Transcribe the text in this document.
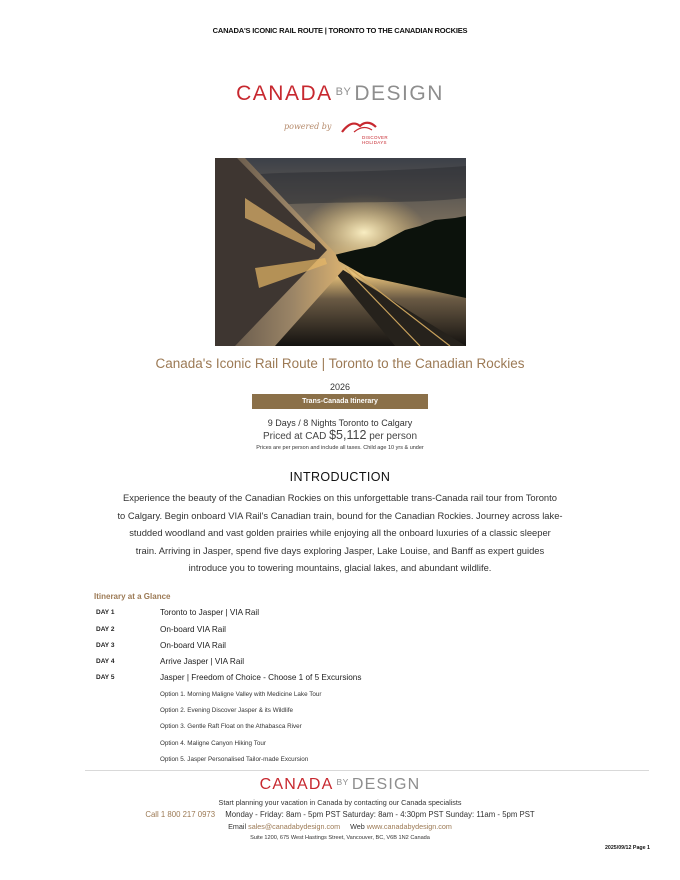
CANADA'S ICONIC RAIL ROUTE | TORONTO TO THE CANADIAN ROCKIES
CANADA $^{BY}$ DESIGN
powered by
DISCOVER HOLIDAYS
Canada's Iconic Rail Route | Toronto to the Canadian Rockies
2026
Trans-Canada Itinerary
9 Days / 8 Nights Toronto to Calgary
Priced at CAD $5,112 per person
Prices are per person and include all taxes. Child age 10 yrs & under
INTRODUCTION
Experience the beauty of the Canadian Rockies on this unforgettable trans-Canada rail tour from Toronto
to Calgary. Begin onboard VIA Rail's Canadian train, bound for the Canadian Rockies. Journey across lake-
studded woodland and vast golden prairies while enjoying all the onboard luxuries of a classic sleeper
train. Arriving in Jasper, spend five days exploring Jasper, Lake Louise, and Banff as expert guides
introduce you to towering mountains, glacial lakes, and abundant wildlife.
Itinerary at a Glance
DAY 1	Toronto to Jasper | VIA Rail
DAY 2	On-board VIA Rail
DAY 3	On-board VIA Rail
DAY 4	Arrive Jasper | VIA Rail
DAY 5	Jasper | Freedom of Choice - Choose 1 of 5 Excursions
Option 1. Morning Maligne Valley with Medicine Lake Tour
Option 2. Evening Discover Jasper & its Wildlife
Option 3. Gentle Raft Float on the Athabasca River
Option 4. Maligne Canyon Hiking Tour
Option 5. Jasper Personalised Tailor-made Excursion
CANADA $^{BY}$ DESIGN
Start planning your vacation in Canada by contacting our Canada specialists
Call 1 800 217 0973 Monday - Friday: 8am - 5pm PST Saturday: 8am - 4:30pm PST Sunday: 11am - 5pm PST
Email sales@canadabydesign.com Web www.canadabydesign.com
Suite 1200, 675 West Hastings Street, Vancouver, BC, V6B 1N2 Canada
2025/09/12 Page 1
